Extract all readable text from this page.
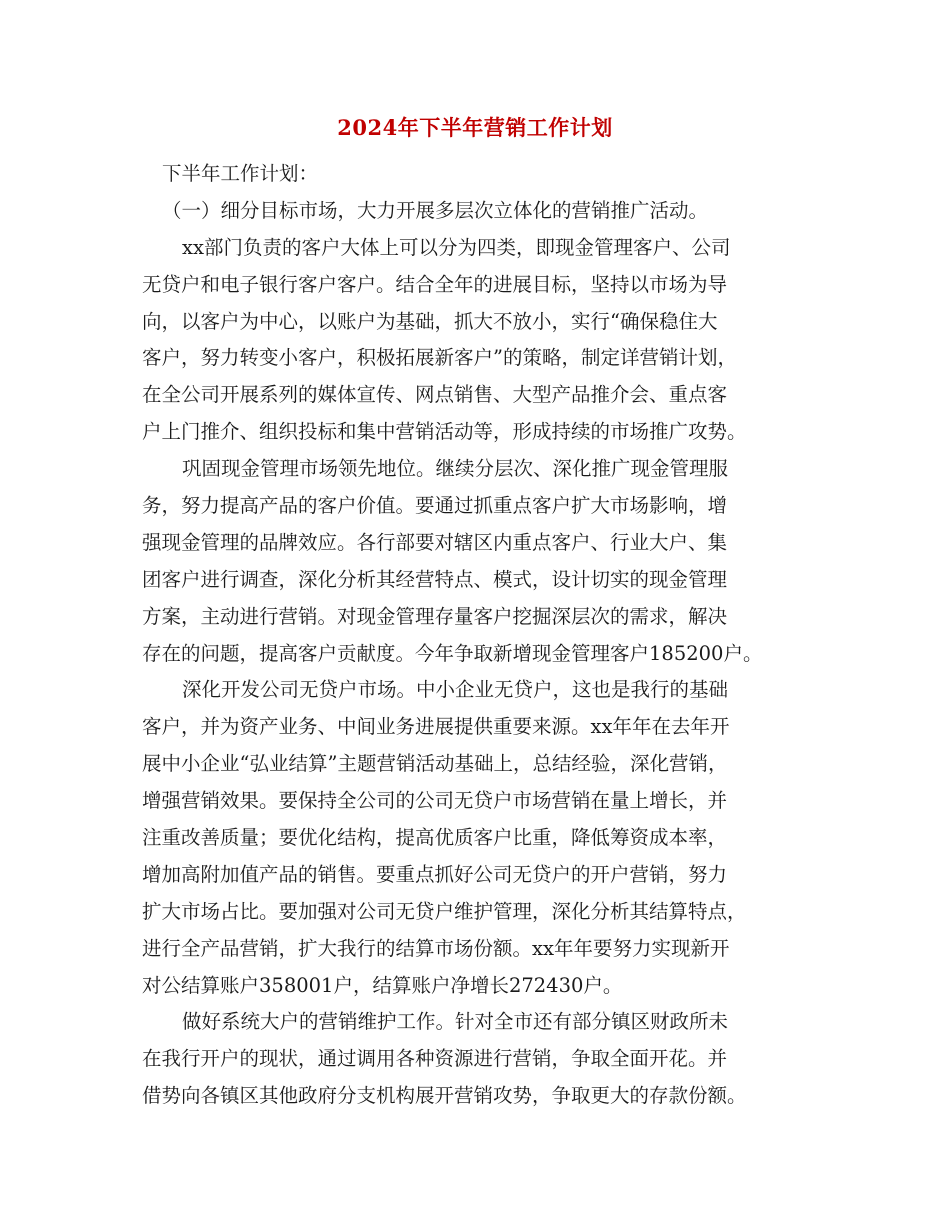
2024年下半年营销工作计划
下半年工作计划：
（一）细分目标市场，大力开展多层次立体化的营销推广活动。
xx部门负责的客户大体上可以分为四类，即现金管理客户、公司
无贷户和电子银行客户客户。结合全年的进展目标，坚持以市场为导
向，以客户为中心，以账户为基础，抓大不放小，实行“确保稳住大
客户，努力转变小客户，积极拓展新客户”的策略，制定详营销计划，
在全公司开展系列的媒体宣传、网点销售、大型产品推介会、重点客
户上门推介、组织投标和集中营销活动等，形成持续的市场推广攻势。
巩固现金管理市场领先地位。继续分层次、深化推广现金管理服
务，努力提高产品的客户价值。要通过抓重点客户扩大市场影响，增
强现金管理的品牌效应。各行部要对辖区内重点客户、行业大户、集
团客户进行调查，深化分析其经营特点、模式，设计切实的现金管理
方案，主动进行营销。对现金管理存量客户挖掘深层次的需求，解决
存在的问题，提高客户贡献度。今年争取新增现金管理客户185200户。
深化开发公司无贷户市场。中小企业无贷户，这也是我行的基础
客户，并为资产业务、中间业务进展提供重要来源。xx年年在去年开
展中小企业“弘业结算”主题营销活动基础上，总结经验，深化营销，
增强营销效果。要保持全公司的公司无贷户市场营销在量上增长，并
注重改善质量；要优化结构，提高优质客户比重，降低筹资成本率，
增加高附加值产品的销售。要重点抓好公司无贷户的开户营销，努力
扩大市场占比。要加强对公司无贷户维护管理，深化分析其结算特点，
进行全产品营销，扩大我行的结算市场份额。xx年年要努力实现新开
对公结算账户358001户，结算账户净增长272430户。
做好系统大户的营销维护工作。针对全市还有部分镇区财政所未
在我行开户的现状，通过调用各种资源进行营销，争取全面开花。并
借势向各镇区其他政府分支机构展开营销攻势，争取更大的存款份额。
